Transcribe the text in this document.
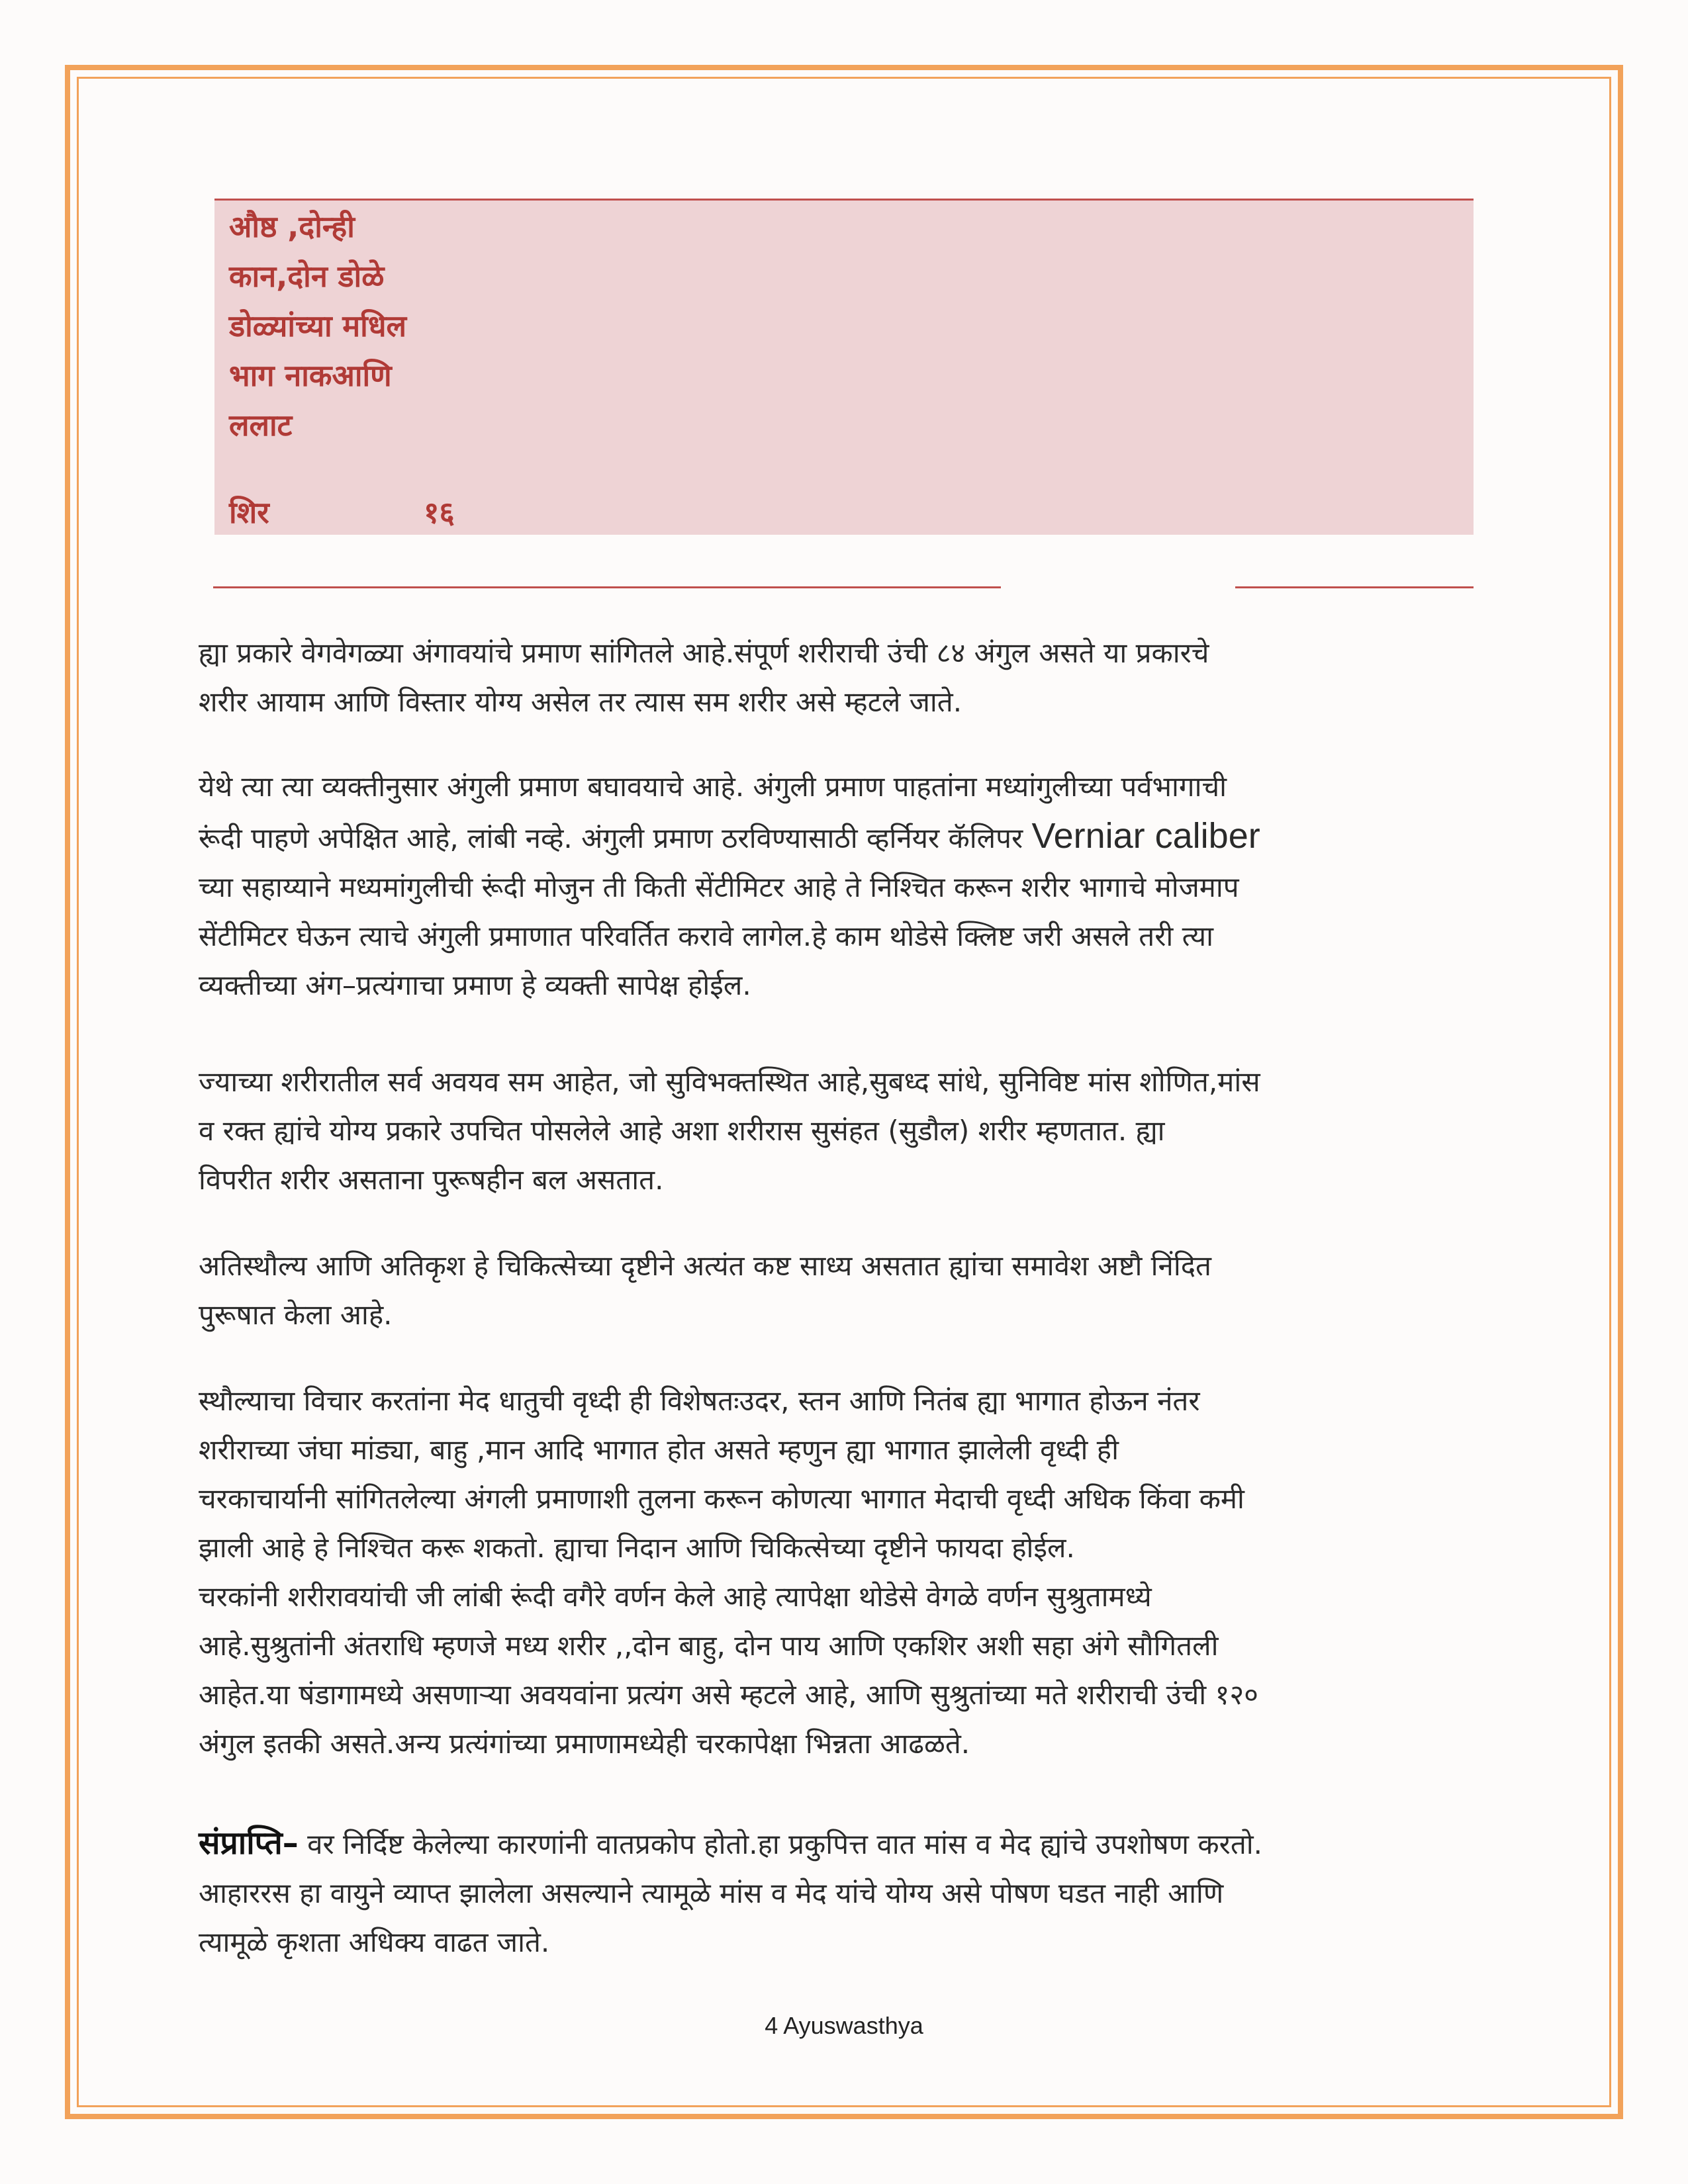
औष्ठ ,दोन्ही
कान,दोन डोळे
डोळ्यांच्या मधिल
भाग नाकआणि
ललाट
शिर	१६
ह्या प्रकारे वेगवेगळ्या अंगावयांचे प्रमाण सांगितले आहे.संपूर्ण शरीराची उंची ८४ अंगुल असते या प्रकारचे
शरीर आयाम आणि विस्तार योग्य असेल तर त्यास सम शरीर असे म्हटले जाते.
येथे त्या त्या व्यक्तीनुसार अंगुली प्रमाण बघावयाचे आहे. अंगुली प्रमाण पाहतांना मध्यांगुलीच्या पर्वभागाची
रूंदी पाहणे अपेक्षित आहे, लांबी नव्हे. अंगुली प्रमाण ठरविण्यासाठी व्हर्नियर कॅलिपर Verniar caliber
च्या सहाय्याने मध्यमांगुलीची रूंदी मोजुन ती किती सेंटीमिटर आहे ते निश्चित करून शरीर भागाचे मोजमाप
सेंटीमिटर घेऊन त्याचे अंगुली प्रमाणात परिवर्तित करावे लागेल.हे काम थोडेसे क्लिष्ट जरी असले तरी त्या
व्यक्तीच्या अंग–प्रत्यंगाचा प्रमाण हे व्यक्ती सापेक्ष होईल.
ज्याच्या शरीरातील सर्व अवयव सम आहेत, जो सुविभक्तस्थित आहे,सुबध्द सांधे, सुनिविष्ट मांस शोणित,मांस
व रक्त ह्यांचे योग्य प्रकारे उपचित पोसलेले आहे अशा शरीरास सुसंहत (सुडौल) शरीर म्हणतात. ह्या
विपरीत शरीर असताना पुरूषहीन बल असतात.
अतिस्थौल्य आणि अतिकृश हे चिकित्सेच्या दृष्टीने अत्यंत कष्ट साध्य असतात ह्यांचा समावेश अष्टौ निंदित
पुरूषात केला आहे.
स्थौल्याचा विचार करतांना मेद धातुची वृध्दी ही विशेषतःउदर, स्तन आणि नितंब ह्या भागात होऊन नंतर
शरीराच्या जंघा मांड्या, बाहु ,मान आदि भागात होत असते म्हणुन ह्या भागात झालेली वृध्दी ही
चरकाचार्यानी सांगितलेल्या अंगली प्रमाणाशी तुलना करून कोणत्या भागात मेदाची वृध्दी अधिक किंवा कमी
झाली आहे हे निश्चित करू शकतो. ह्याचा निदान आणि चिकित्सेच्या दृष्टीने फायदा होईल.
चरकांनी शरीरावयांची जी लांबी रूंदी वगैरे वर्णन केले आहे त्यापेक्षा थोडेसे वेगळे वर्णन सुश्रुतामध्ये
आहे.सुश्रुतांनी अंतराधि म्हणजे मध्य शरीर ,,दोन बाहु, दोन पाय आणि एकशिर अशी सहा अंगे सौगितली
आहेत.या षंडागामध्ये असणाऱ्या अवयवांना प्रत्यंग असे म्हटले आहे, आणि सुश्रुतांच्या मते शरीराची उंची १२०
अंगुल इतकी असते.अन्य प्रत्यंगांच्या प्रमाणामध्येही चरकापेक्षा भिन्नता आढळते.
संप्राप्ति– वर निर्दिष्ट केलेल्या कारणांनी वातप्रकोप होतो.हा प्रकुपित्त वात मांस व मेद ह्यांचे उपशोषण करतो.
आहाररस हा वायुने व्याप्त झालेला असल्याने त्यामूळे मांस व मेद यांचे योग्य असे पोषण घडत नाही आणि
त्यामूळे कृशता अधिक्य वाढत जाते.
4 Ayuswasthya
